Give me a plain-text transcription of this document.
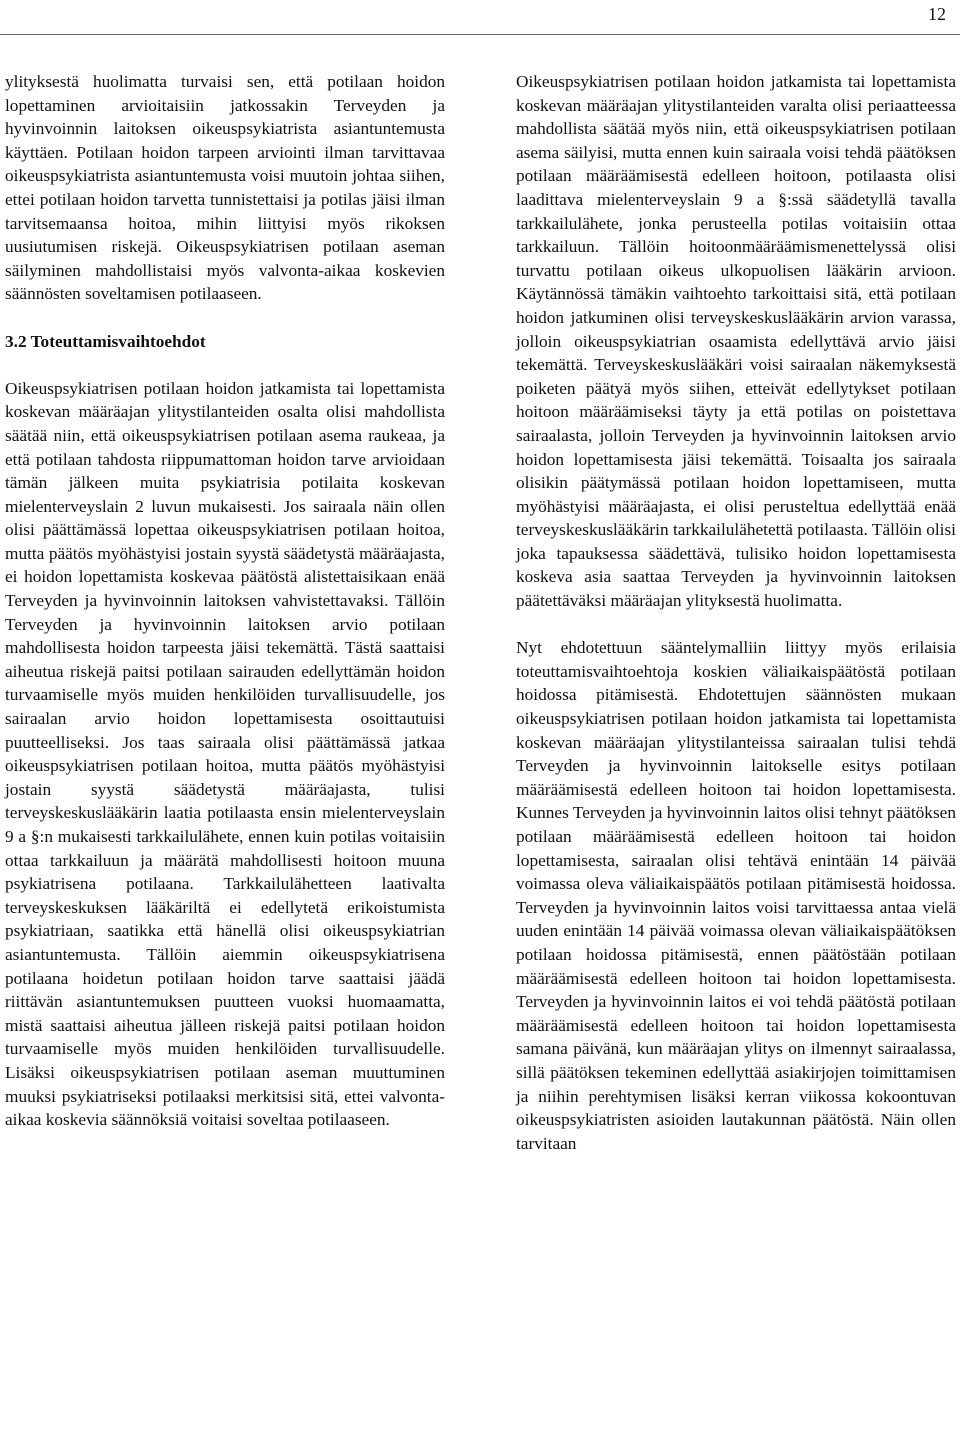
12

ylityksestä huolimatta turvaisi sen, että potilaan hoidon lopettaminen arvioitaisiin jatkossakin Terveyden ja hyvinvoinnin laitoksen oikeuspsykiatrista asiantuntemusta käyttäen. Potilaan hoidon tarpeen arviointi ilman tarvittavaa oikeuspsykiatrista asiantuntemusta voisi muutoin johtaa siihen, ettei potilaan hoidon tarvetta tunnistettaisi ja potilas jäisi ilman tarvitsemaansa hoitoa, mihin liittyisi myös rikoksen uusiutumisen riskejä. Oikeuspsykiatrisen potilaan aseman säilyminen mahdollistaisi myös valvonta-aikaa koskevien säännösten soveltamisen potilaaseen.

3.2 Toteuttamisvaihtoehdot

Oikeuspsykiatrisen potilaan hoidon jatkamista tai lopettamista koskevan määräajan ylitystilanteiden osalta olisi mahdollista säätää niin, että oikeuspsykiatrisen potilaan asema raukeaa, ja että potilaan tahdosta riippumattoman hoidon tarve arvioidaan tämän jälkeen muita psykiatrisia potilaita koskevan mielenterveyslain 2 luvun mukaisesti. Jos sairaala näin ollen olisi päättämässä lopettaa oikeuspsykiatrisen potilaan hoitoa, mutta päätös myöhästyisi jostain syystä säädetystä määräajasta, ei hoidon lopettamista koskevaa päätöstä alistettaisikaan enää Terveyden ja hyvinvoinnin laitoksen vahvistettavaksi. Tällöin Terveyden ja hyvinvoinnin laitoksen arvio potilaan mahdollisesta hoidon tarpeesta jäisi tekemättä. Tästä saattaisi aiheutua riskejä paitsi potilaan sairauden edellyttämän hoidon turvaamiselle myös muiden henkilöiden turvallisuudelle, jos sairaalan arvio hoidon lopettamisesta osoittautuisi puutteelliseksi. Jos taas sairaala olisi päättämässä jatkaa oikeuspsykiatrisen potilaan hoitoa, mutta päätös myöhästyisi jostain syystä säädetystä määräajasta, tulisi terveyskeskuslääkärin laatia potilaasta ensin mielenterveyslain 9 a §:n mukaisesti tarkkailulähete, ennen kuin potilas voitaisiin ottaa tarkkailuun ja määrätä mahdollisesti hoitoon muuna psykiatrisena potilaana. Tarkkailulähetteen laativalta terveyskeskuksen lääkäriltä ei edellytetä erikoistumista psykiatriaan, saatikka että hänellä olisi oikeuspsykiatrian asiantuntemusta. Tällöin aiemmin oikeuspsykiatrisena potilaana hoidetun potilaan hoidon tarve saattaisi jäädä riittävän asiantuntemuksen puutteen vuoksi huomaamatta, mistä saattaisi aiheutua jälleen riskejä paitsi potilaan hoidon turvaamiselle myös muiden henkilöiden turvallisuudelle. Lisäksi oikeuspsykiatrisen potilaan aseman muuttuminen muuksi psykiatriseksi potilaaksi merkitsisi sitä, ettei valvonta-aikaa koskevia säännöksiä voitaisi soveltaa potilaaseen.

Oikeuspsykiatrisen potilaan hoidon jatkamista tai lopettamista koskevan määräajan ylitystilanteiden varalta olisi periaatteessa mahdollista säätää myös niin, että oikeuspsykiatrisen potilaan asema säilyisi, mutta ennen kuin sairaala voisi tehdä päätöksen potilaan määräämisestä edelleen hoitoon, potilaasta olisi laadittava mielenterveyslain 9 a §:ssä säädetyllä tavalla tarkkailulähete, jonka perusteella potilas voitaisiin ottaa tarkkailuun. Tällöin hoitoonmääräämismenettelyssä olisi turvattu potilaan oikeus ulkopuolisen lääkärin arvioon. Käytännössä tämäkin vaihtoehto tarkoittaisi sitä, että potilaan hoidon jatkuminen olisi terveyskeskuslääkärin arvion varassa, jolloin oikeuspsykiatrian osaamista edellyttävä arvio jäisi tekemättä. Terveyskeskuslääkäri voisi sairaalan näkemyksestä poiketen päätyä myös siihen, etteivät edellytykset potilaan hoitoon määräämiseksi täyty ja että potilas on poistettava sairaalasta, jolloin Terveyden ja hyvinvoinnin laitoksen arvio hoidon lopettamisesta jäisi tekemättä. Toisaalta jos sairaala olisikin päätymässä potilaan hoidon lopettamiseen, mutta myöhästyisi määräajasta, ei olisi perusteltua edellyttää enää terveyskeskuslääkärin tarkkailulähetettä potilaasta. Tällöin olisi joka tapauksessa säädettävä, tulisiko hoidon lopettamisesta koskeva asia saattaa Terveyden ja hyvinvoinnin laitoksen päätettäväksi määräajan ylityksestä huolimatta.

Nyt ehdotettuun sääntelymalliin liittyy myös erilaisia toteuttamisvaihtoehtoja koskien väliaikaispäätöstä potilaan hoidossa pitämisestä. Ehdotettujen säännösten mukaan oikeuspsykiatrisen potilaan hoidon jatkamista tai lopettamista koskevan määräajan ylitystilanteissa sairaalan tulisi tehdä Terveyden ja hyvinvoinnin laitokselle esitys potilaan määräämisestä edelleen hoitoon tai hoidon lopettamisesta. Kunnes Terveyden ja hyvinvoinnin laitos olisi tehnyt päätöksen potilaan määräämisestä edelleen hoitoon tai hoidon lopettamisesta, sairaalan olisi tehtävä enintään 14 päivää voimassa oleva väliaikaispäätös potilaan pitämisestä hoidossa. Terveyden ja hyvinvoinnin laitos voisi tarvittaessa antaa vielä uuden enintään 14 päivää voimassa olevan väliaikaispäätöksen potilaan hoidossa pitämisestä, ennen päätöstään potilaan määräämisestä edelleen hoitoon tai hoidon lopettamisesta. Terveyden ja hyvinvoinnin laitos ei voi tehdä päätöstä potilaan määräämisestä edelleen hoitoon tai hoidon lopettamisesta samana päivänä, kun määräajan ylitys on ilmennyt sairaalassa, sillä päätöksen tekeminen edellyttää asiakirjojen toimittamisen ja niihin perehtymisen lisäksi kerran viikossa kokoontuvan oikeuspsykiatristen asioiden lautakunnan päätöstä. Näin ollen tarvitaan
